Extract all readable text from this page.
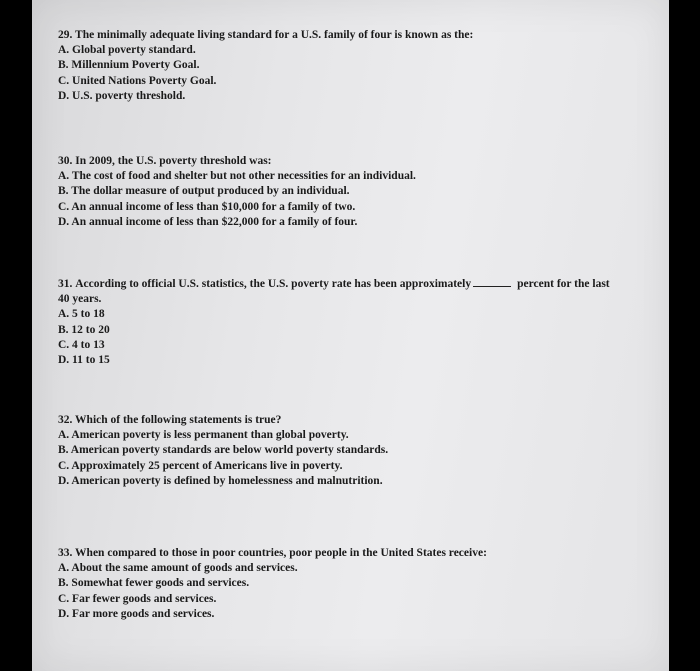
29. The minimally adequate living standard for a U.S. family of four is known as the:

A. Global poverty standard.

B. Millennium Poverty Goal.

C. United Nations Poverty Goal.

D. U.S. poverty threshold.

30. In 2009, the U.S. poverty threshold was:

A. The cost of food and shelter but not other necessities for an individual.

B. The dollar measure of output produced by an individual.

C. An annual income of less than $10,000 for a family of two.

D. An annual income of less than $22,000 for a family of four.

31.
According to official U.S. statistics, the U.S. poverty rate has been approximately	percent for the last

40 years.

A. 5 to 18

B. 12 to 20

C. 4 to 13

D. 11 to 15

32. Which of the following statements is true?

A. American poverty is less permanent than global poverty.

B. American poverty standards are below world poverty standards.

C. Approximately 25 percent of Americans live in poverty.

D. American poverty is defined by homelessness and malnutrition.

33. When compared to those in poor countries, poor people in the United States receive:

A. About the same amount of goods and services.

B. Somewhat fewer goods and services.

C. Far fewer goods and services.

D. Far more goods and services.
